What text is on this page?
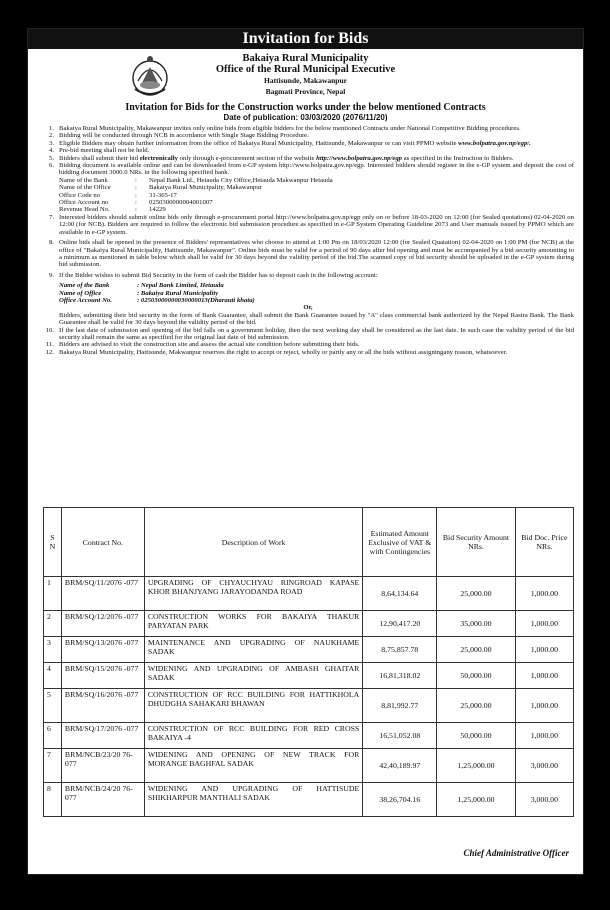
Invitation for Bids
Bakaiya Rural Municipality
Office of the Rural Municipal Executive
Hattisunde, Makawanpur
Bagmati Province, Nepal
Invitation for Bids for the Construction works under the below mentioned Contracts
Date of publication: 03/03/2020 (2076/11/20)
1. Bakaiya Rural Municipality, Makawanpur invites only online bids from eligible bidders for the below mentioned Contracts under National Competitive Bidding procedures.
2. Bidding will be conducted through NCB in accordance with Single Stage Bidding Procedure.
3. Eligible Bidders may obtain further information from the office of Bakaiya Rural Municipality, Hattisunde, Makawanpur or can visit PPMO website www.bolpatra.gov.np/egp/.
4. Pre-bid meeting shall not be held.
5. Bidders shall submit their bid electronically only through e-procurement section of the website http://www.bolpatra.gov.np/egp as specified in the Instruction to Bidders.
6. Bidding document is available online and can be downloaded from e-GP system http://www.bolpatra.gov.np/egp. Interested bidders should register in the e-GP system and deposit the cost of bidding document 3000.0 NRs. in the following specified bank.
Name of the Bank	:	Nepal Bank Ltd., Hetauda City Office,Hetauda Makwanpur Hetauda
Name of the Office	:	Bakaiya Rural Municipality, Makawanpur
Office Code no	:	31-365-17
Office Account no	:	0250300000004001007
Revenue Head No.	:	14229
7. Interested bidders should submit online bids only through e-procurement portal http://www.bolpatra.gov.np/egp only on or before 18-03-2020 on 12:00 (for Sealed quotations) 02-04-2020 on 12:00 (for NCB). Bidders are required to follow the electronic bid submission procedure as specified in e-GP System Operating Guideline 2073 and User manuals issued by PPMO which are available in e-GP system.
8. Online bids shall be opened in the presence of Bidders' representatives who choose to attend at 1:00 Pm on 18/03/2020 12:00 (for Sealed Quatation) 02-04-2020 on 1:00 PM (for NCB) at the office of "Bakaiya Rural Municipality, Hattisunde, Makawanpur". Online bids must be valid for a period of 90 days after bid opening and must be accompanied by a bid security amounting to a minimum as mentioned in table below which shall be valid for 30 days beyond the validity period of the bid.The scanned copy of bid security should be uploaded in the e-GP system during bid submission.
9. If the Bidder wishes to submit Bid Security in the form of cash the Bidder has to deposit cash in the following account:
Name of the Bank	: Nepal Bank Limited, Hetauda
Name of Office	: Bakaiya Rural Municipality
Office Account No.	: 02503000000030000013(Dharauti khata)
Or,
Bidders, submitting their bid security in the form of Bank Guarantee, shall submit the Bank Guarantee issued by "A" class commercial bank authorized by the Nepal Rastra Bank. The Bank Guarantee shall be valid for 30 days beyond the validity period of the bid.
10. If the last date of submission and opening of the bid falls on a government holiday, then the next working day shall be considered as the last date. In such case the validity period of the bid security shall remain the same as specified for the original last date of bid submission.
11. Bidders are advised to visit the construction site and assess the actual site condition before submitting their bids.
12. Bakaiya Rural Municipality, Hattisunde, Makwanpur reserves the right to accept or reject, wholly or partly any or all the bids without assigningany reason, whatsoever.
S N	Contract No.	Description of Work	Estimated Amount Exclusive of VAT & with Contingencies	Bid Security Amount NRs.	Bid Doc. Price NRs.
1	BRM/SQ/11/2076 -077	UPGRADING OF CHYAUCHYAU RINGROAD KAPASE KHOR BHANJYANG JARAYODANDA ROAD	8,64,134.64	25,000.00	1,000.00
2	BRM/SQ/12/2076 -077	CONSTRUCTION WORKS FOR BAKAIYA THAKUR PARYATAN PARK	12,90,417.20	35,000.00	1,000.00
3	BRM/SQ/13/2076 -077	MAINTENANCE AND UPGRADING OF NAUKHAME SADAK	8,75,857.78	25,000.00	1,000.00
4	BRM/SQ/15/2076 -077	WIDENING AND UPGRADING OF AMBASH GHAITAR SADAK	16,81,318.02	50,000.00	1,000.00
5	BRM/SQ/16/2076 -077	CONSTRUCTION OF RCC BUILDING FOR HATTIKHOLA DHUDGHA SAHAKARI BHAWAN	8,81,992.77	25,000.00	1,000.00
6	BRM/SQ/17/2076 -077	CONSTRUCTION OF RCC BUILDING FOR RED CROSS BAKAIYA -4	16,51,052.08	50,000.00	1,000.00
7	BRM/NCB/23/20 76-077	WIDENING AND OPENING OF NEW TRACK FOR MORANGE BAGHFAL SADAK	42,40,189.97	1,25,000.00	3,000.00
8	BRM/NCB/24/20 76-077	WIDENING AND UPGRADING OF HATTISUDE SHIKHARPUR MANTHALI SADAK	38,26,704.16	1,25,000.00	3,000.00
Chief Administrative Officer
